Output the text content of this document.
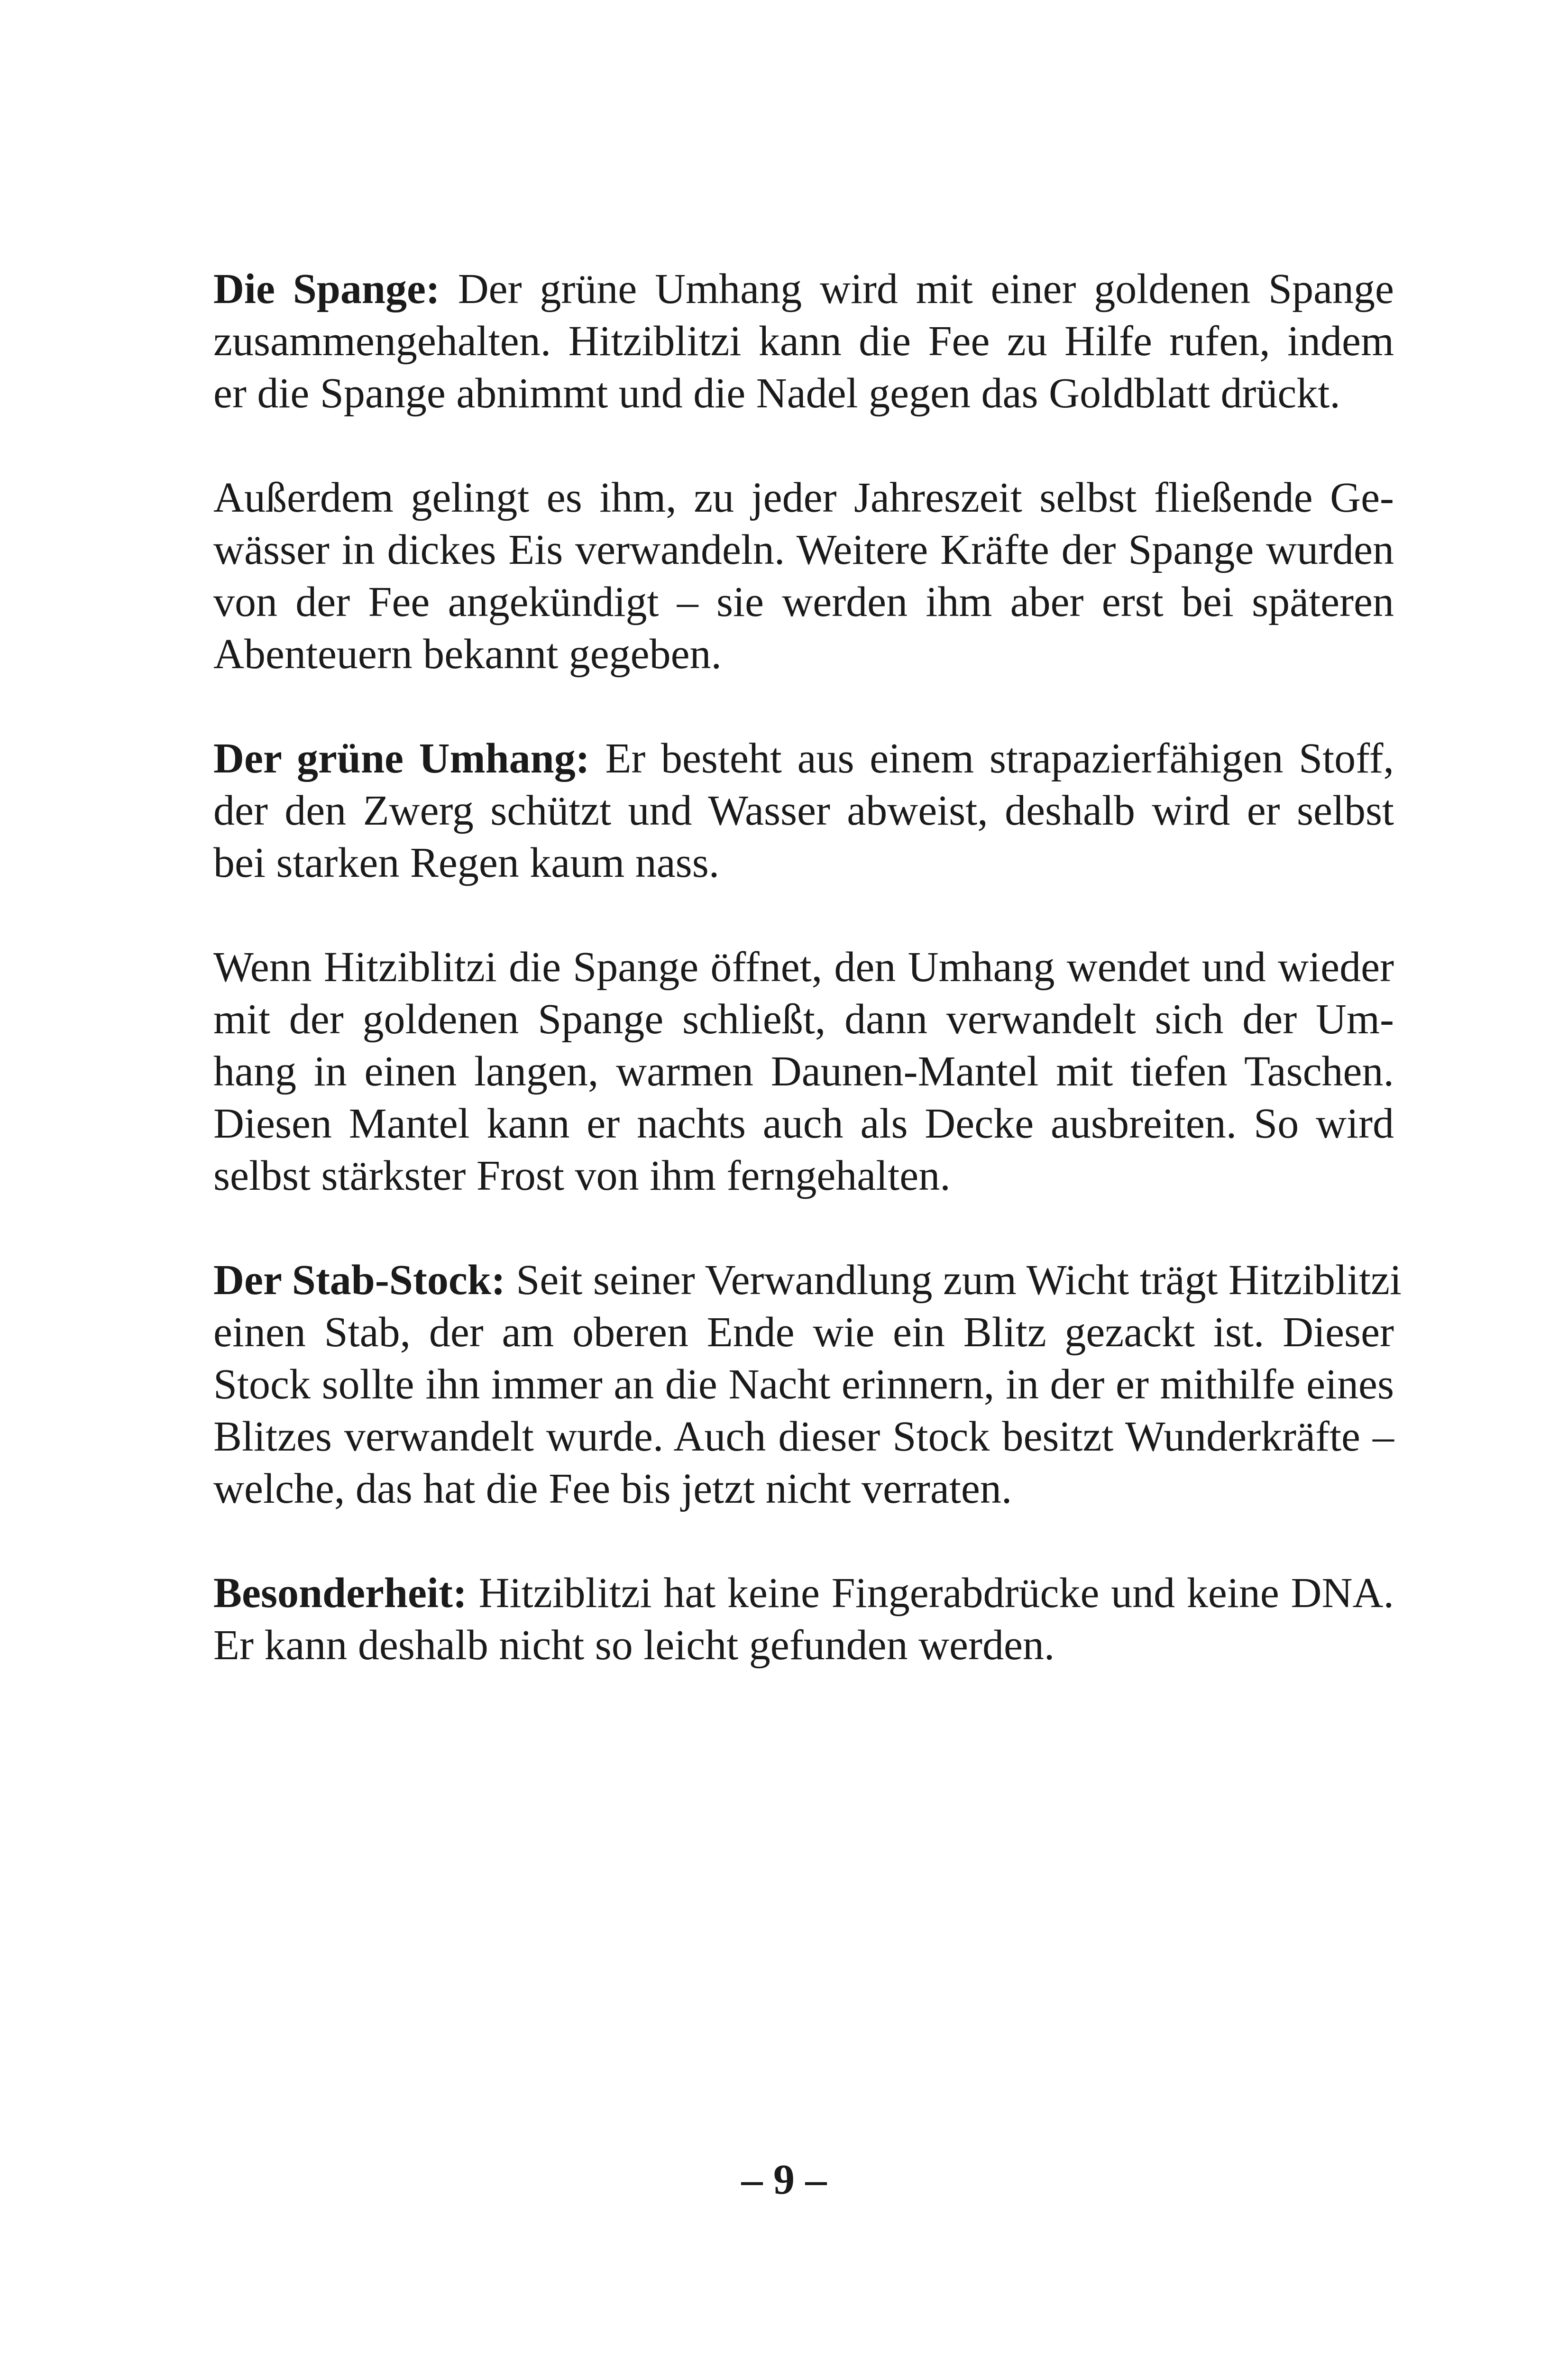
Die Spange: Der grüne Umhang wird mit einer goldenen Spange
zusammengehalten. Hitziblitzi kann die Fee zu Hilfe rufen, indem
er die Spange abnimmt und die Nadel gegen das Goldblatt drückt.
Außerdem gelingt es ihm, zu jeder Jahreszeit selbst fließende Ge-
wässer in dickes Eis verwandeln. Weitere Kräfte der Spange wurden
von der Fee angekündigt – sie werden ihm aber erst bei späteren
Abenteuern bekannt gegeben.
Der grüne Umhang: Er besteht aus einem strapazierfähigen Stoff,
der den Zwerg schützt und Wasser abweist, deshalb wird er selbst
bei starken Regen kaum nass.
Wenn Hitziblitzi die Spange öffnet, den Umhang wendet und wieder
mit der goldenen Spange schließt, dann verwandelt sich der Um-
hang in einen langen, warmen Daunen-Mantel mit tiefen Taschen.
Diesen Mantel kann er nachts auch als Decke ausbreiten. So wird
selbst stärkster Frost von ihm ferngehalten.
Der Stab-Stock: Seit seiner Verwandlung zum Wicht trägt Hitziblitzi
einen Stab, der am oberen Ende wie ein Blitz gezackt ist. Dieser
Stock sollte ihn immer an die Nacht erinnern, in der er mithilfe eines
Blitzes verwandelt wurde. Auch dieser Stock besitzt Wunderkräfte –
welche, das hat die Fee bis jetzt nicht verraten.
Besonderheit: Hitziblitzi hat keine Fingerabdrücke und keine DNA.
Er kann deshalb nicht so leicht gefunden werden.
– 9 –
